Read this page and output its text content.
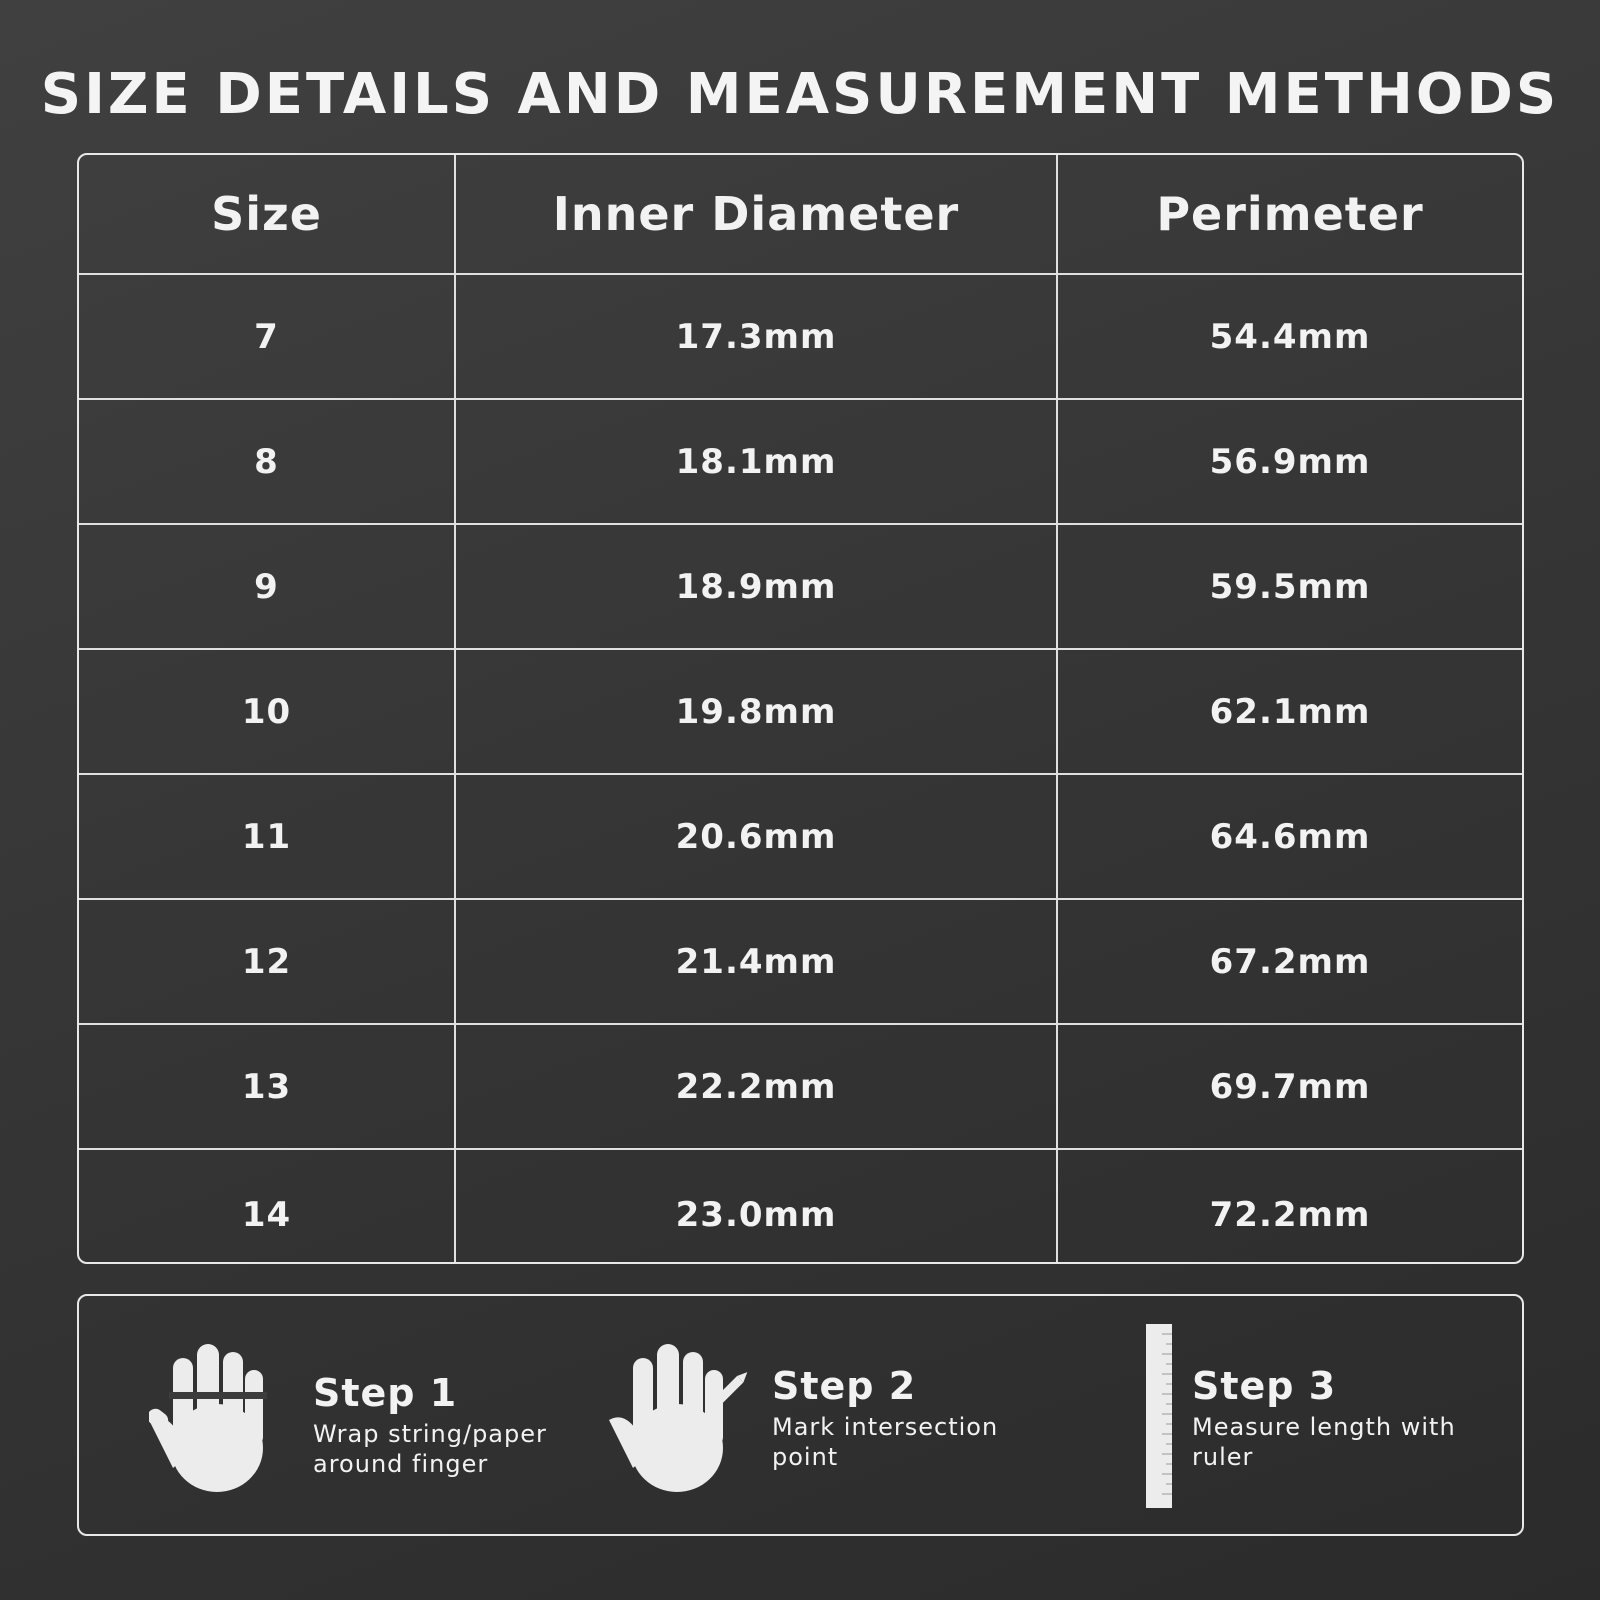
SIZE DETAILS AND MEASUREMENT METHODS
Size	Inner Diameter	Perimeter
7	17.3mm	54.4mm
8	18.1mm	56.9mm
9	18.9mm	59.5mm
10	19.8mm	62.1mm
11	20.6mm	64.6mm
12	21.4mm	67.2mm
13	22.2mm	69.7mm
14	23.0mm	72.2mm
Step 1
Wrap string/paper
around finger
Step 2
Mark intersection
point
Step 3
Measure length with
ruler
